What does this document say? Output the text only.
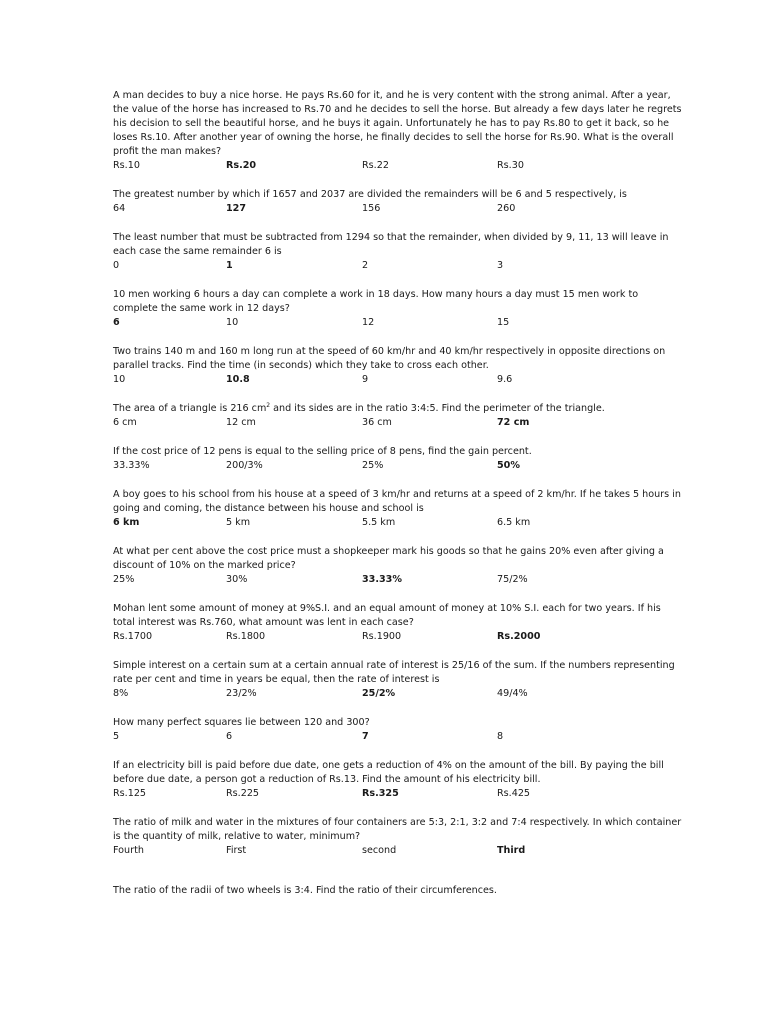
A man decides to buy a nice horse. He pays Rs.60 for it, and he is very content with the strong animal. After a year, the value of the horse has increased to Rs.70 and he decides to sell the horse. But already a few days later he regrets his decision to sell the beautiful horse, and he buys it again. Unfortunately he has to pay Rs.80 to get it back, so he loses Rs.10. After another year of owning the horse, he finally decides to sell the horse for Rs.90. What is the overall profit the man makes?

Rs.10	Rs.20	Rs.22	Rs.30

The greatest number by which if 1657 and 2037 are divided the remainders will be 6 and 5 respectively, is

64	127	156	260

The least number that must be subtracted from 1294 so that the remainder, when divided by 9, 11, 13 will leave in each case the same remainder 6 is

0	1	2	3

10 men working 6 hours a day can complete a work in 18 days. How many hours a day must 15 men work to complete the same work in 12 days?

6	10	12	15

Two trains 140 m and 160 m long run at the speed of 60 km/hr and 40 km/hr respectively in opposite directions on parallel tracks. Find the time (in seconds) which they take to cross each other.

10	10.8	9	9.6

The area of a triangle is 216 $cm^2$ and its sides are in the ratio 3:4:5. Find the perimeter of the triangle.

6 cm	12 cm	36 cm	72 cm

If the cost price of 12 pens is equal to the selling price of 8 pens, find the gain percent.

33.33%	200/3%	25%	50%

A boy goes to his school from his house at a speed of 3 km/hr and returns at a speed of 2 km/hr. If he takes 5 hours in going and coming, the distance between his house and school is

6 km	5 km	5.5 km	6.5 km

At what per cent above the cost price must a shopkeeper mark his goods so that he gains 20% even after giving a discount of 10% on the marked price?

25%	30%	33.33%	75/2%

Mohan lent some amount of money at 9%S.I. and an equal amount of money at 10% S.I. each for two years. If his total interest was Rs.760, what amount was lent in each case?

Rs.1700	Rs.1800	Rs.1900	Rs.2000

Simple interest on a certain sum at a certain annual rate of interest is 25/16 of the sum. If the numbers representing rate per cent and time in years be equal, then the rate of interest is

8%	23/2%	25/2%	49/4%

How many perfect squares lie between 120 and 300?

5	6	7	8

If an electricity bill is paid before due date, one gets a reduction of 4% on the amount of the bill. By paying the bill before due date, a person got a reduction of Rs.13. Find the amount of his electricity bill.

Rs.125	Rs.225	Rs.325	Rs.425

The ratio of milk and water in the mixtures of four containers are 5:3, 2:1, 3:2 and 7:4 respectively. In which container is the quantity of milk, relative to water, minimum?

Fourth	First	second	Third

The ratio of the radii of two wheels is 3:4. Find the ratio of their circumferences.
